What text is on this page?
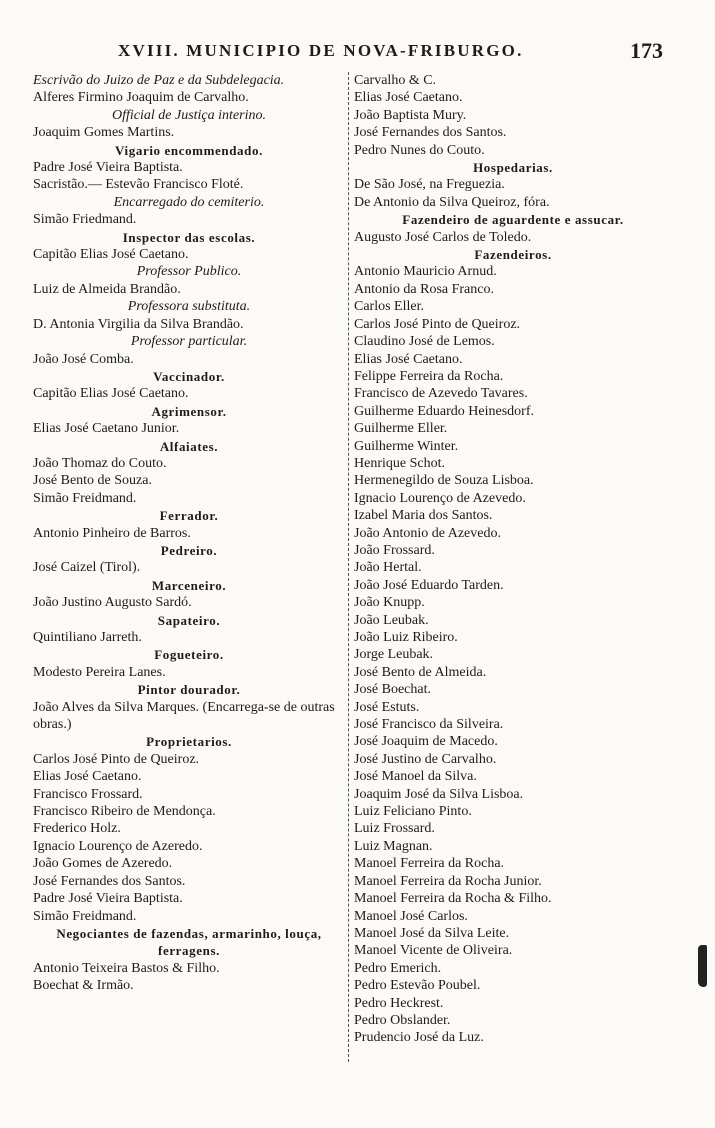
XVIII. MUNICIPIO DE NOVA-FRIBURGO.	173
Escrivão do Juizo de Paz e da Subdelegacia.
Alferes Firmino Joaquim de Carvalho.
Official de Justiça interino.
Joaquim Gomes Martins.
Vigario encommendado.
Padre José Vieira Baptista.
Sacristão.— Estevão Francisco Floté.
Encarregado do cemiterio.
Simão Friedmand.
Inspector das escolas.
Capitão Elias José Caetano.
Professor Publico.
Luiz de Almeida Brandão.
Professora substituta.
D. Antonia Virgilia da Silva Brandão.
Professor particular.
João José Comba.
Vaccinador.
Capitão Elias José Caetano.
Agrimensor.
Elias José Caetano Junior.
Alfaiates.
João Thomaz do Couto.
José Bento de Souza.
Simão Freidmand.
Ferrador.
Antonio Pinheiro de Barros.
Pedreiro.
José Caizel (Tirol).
Marceneiro.
João Justino Augusto Sardó.
Sapateiro.
Quintiliano Jarreth.
Fogueteiro.
Modesto Pereira Lanes.
Pintor dourador.
João Alves da Silva Marques. (Encarrega-se de outras obras.)
Proprietarios.
Carlos José Pinto de Queiroz.
Elias José Caetano.
Francisco Frossard.
Francisco Ribeiro de Mendonça.
Frederico Holz.
Ignacio Lourenço de Azeredo.
João Gomes de Azeredo.
José Fernandes dos Santos.
Padre José Vieira Baptista.
Simão Freidmand.
Negociantes de fazendas, armarinho, louça, ferragens.
Antonio Teixeira Bastos & Filho.
Boechat & Irmão.
Carvalho & C.
Elias José Caetano.
João Baptista Mury.
José Fernandes dos Santos.
Pedro Nunes do Couto.
Hospedarias.
De São José, na Freguezia.
De Antonio da Silva Queiroz, fóra.
Fazendeiro de aguardente e assucar.
Augusto José Carlos de Toledo.
Fazendeiros.
Antonio Mauricio Arnud.
Antonio da Rosa Franco.
Carlos Eller.
Carlos José Pinto de Queiroz.
Claudino José de Lemos.
Elias José Caetano.
Felippe Ferreira da Rocha.
Francisco de Azevedo Tavares.
Guilherme Eduardo Heinesdorf.
Guilherme Eller.
Guilherme Winter.
Henrique Schot.
Hermenegildo de Souza Lisboa.
Ignacio Lourenço de Azevedo.
Izabel Maria dos Santos.
João Antonio de Azevedo.
João Frossard.
João Hertal.
João José Eduardo Tarden.
João Knupp.
João Leubak.
João Luiz Ribeiro.
Jorge Leubak.
José Bento de Almeida.
José Boechat.
José Estuts.
José Francisco da Silveira.
José Joaquim de Macedo.
José Justino de Carvalho.
José Manoel da Silva.
Joaquim José da Silva Lisboa.
Luiz Feliciano Pinto.
Luiz Frossard.
Luiz Magnan.
Manoel Ferreira da Rocha.
Manoel Ferreira da Rocha Junior.
Manoel Ferreira da Rocha & Filho.
Manoel José Carlos.
Manoel José da Silva Leite.
Manoel Vicente de Oliveira.
Pedro Emerich.
Pedro Estevão Poubel.
Pedro Heckrest.
Pedro Obslander.
Prudencio José da Luz.
